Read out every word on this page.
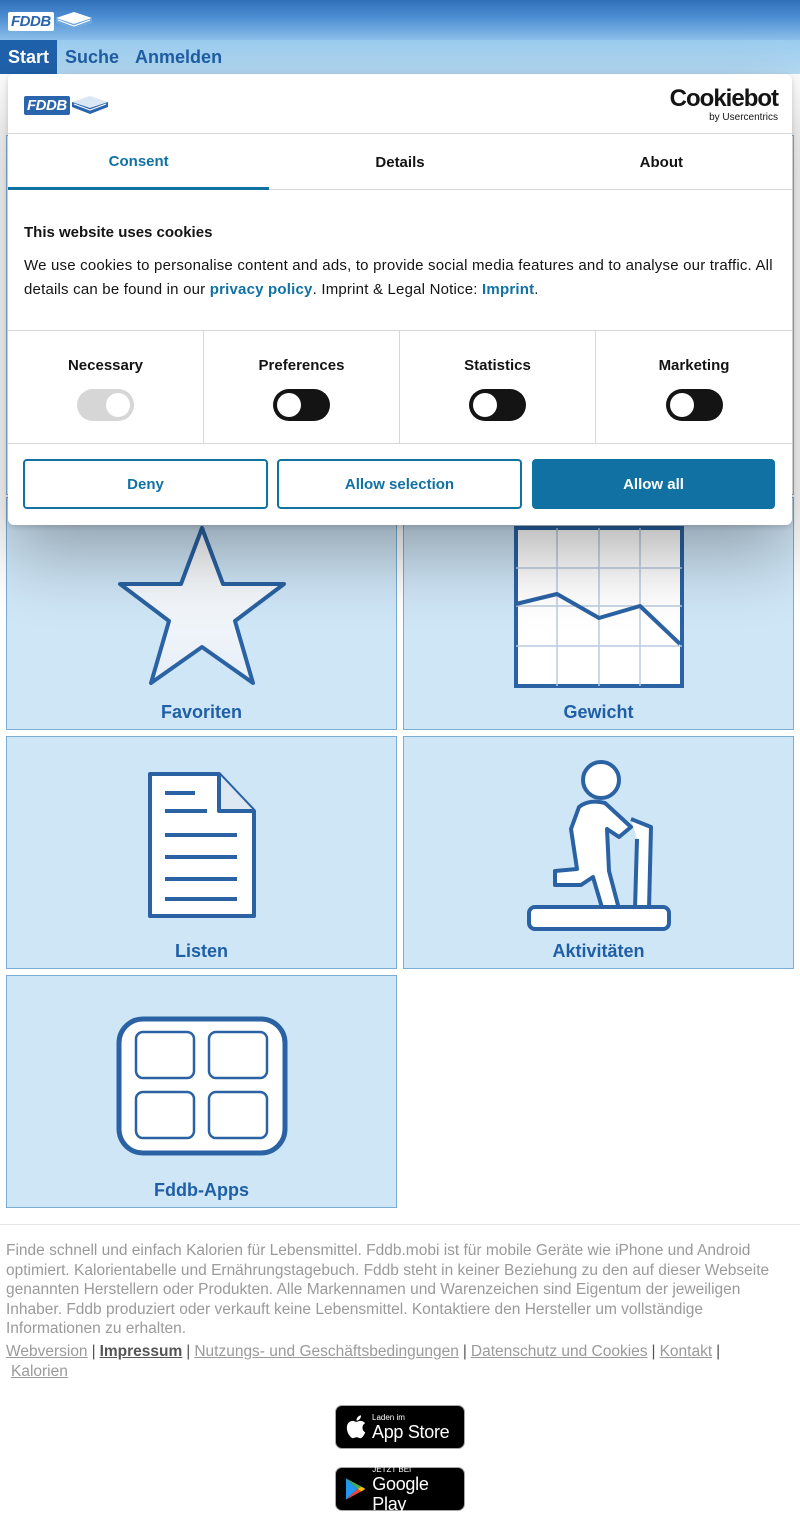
FDDB
Start Suche Anmelden
Favoriten	Gewicht
Listen	Aktivitäten
Fddb-Apps

Finde schnell und einfach Kalorien für Lebensmittel. Fddb.mobi ist für mobile Geräte wie iPhone und Android optimiert. Kalorientabelle und Ernährungstagebuch. Fddb steht in keiner Beziehung zu den auf dieser Webseite genannten Herstellern oder Produkten. Alle Markennamen und Warenzeichen sind Eigentum der jeweiligen Inhaber. Fddb produziert oder verkauft keine Lebensmittel. Kontaktiere den Hersteller um vollständige Informationen zu erhalten.

Webversion | Impressum | Nutzungs- und Geschäftsbedingungen | Datenschutz und Cookies | Kontakt |
Kalorien
Laden im
App Store
JETZT BEI
Google Play
FDDB	Cookiebot
by Usercentrics
Consent	Details	About
This website uses cookies

We use cookies to personalise content and ads, to provide social media features and to analyse our traffic. All details can be found in our privacy policy. Imprint & Legal Notice: Imprint.

Necessary	Preferences	Statistics	Marketing
Deny	Allow selection	Allow all
